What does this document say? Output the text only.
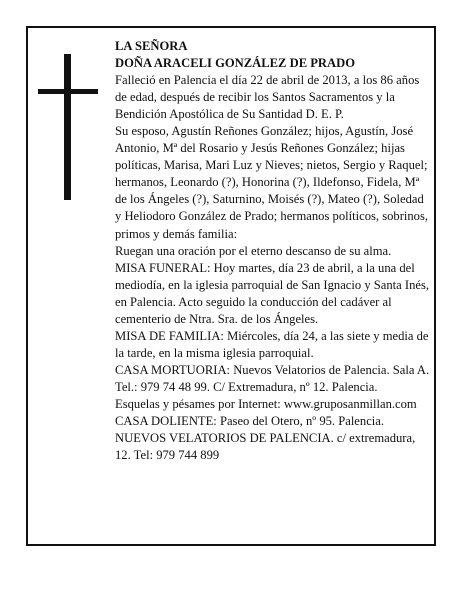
LA SEÑORA
DOÑA ARACELI GONZÁLEZ DE PRADO

Falleció en Palencia el día 22 de abril de 2013, a los 86 años de edad, después de recibir los Santos Sacramentos y la Bendición Apostólica de Su Santidad D. E. P.

Su esposo, Agustín Reñones González; hijos, Agustín, José Antonio, Mª del Rosario y Jesús Reñones González; hijas políticas, Marisa, Mari Luz y Nieves; nietos, Sergio y Raquel; hermanos, Leonardo (?), Honorina (?), Ildefonso, Fidela, Mª de los Ángeles (?), Saturnino, Moisés (?), Mateo (?), Soledad y Heliodoro González de Prado; hermanos políticos, sobrinos, primos y demás familia:

Ruegan una oración por el eterno descanso de su alma.

MISA FUNERAL: Hoy martes, día 23 de abril, a la una del mediodía, en la iglesia parroquial de San Ignacio y Santa Inés, en Palencia. Acto seguido la conducción del cadáver al cementerio de Ntra. Sra. de los Ángeles.

MISA DE FAMILIA: Miércoles, día 24, a las siete y media de la tarde, en la misma iglesia parroquial.

CASA MORTUORIA: Nuevos Velatorios de Palencia. Sala A. Tel.: 979 74 48 99. C/ Extremadura, nº 12. Palencia.

Esquelas y pésames por Internet: www.gruposanmillan.com

CASA DOLIENTE: Paseo del Otero, nº 95. Palencia.

NUEVOS VELATORIOS DE PALENCIA. c/ extremadura, 12. Tel: 979 744 899
